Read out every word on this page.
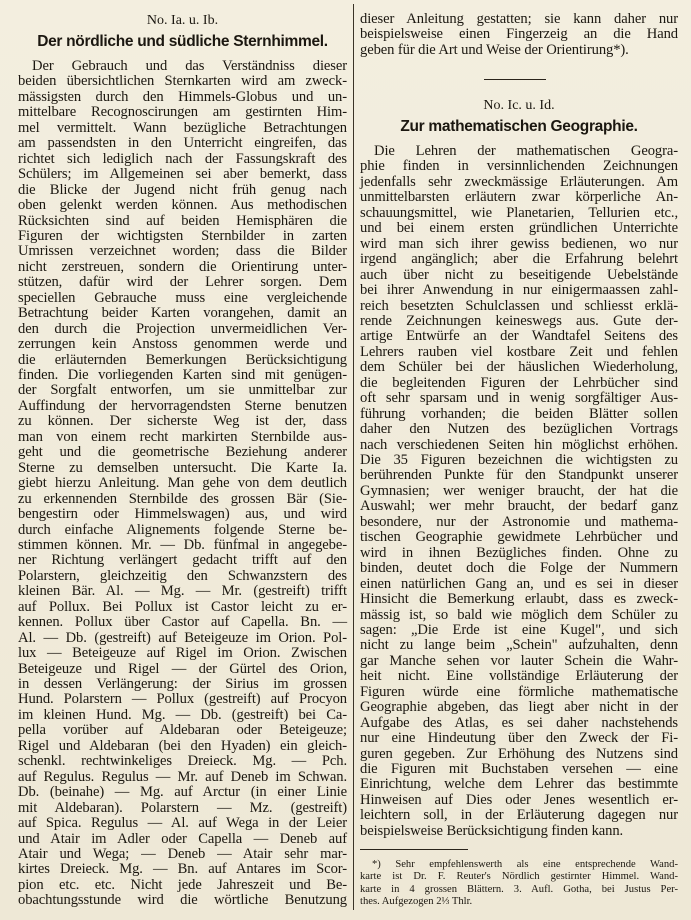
No. Ia. u. Ib.
Der nördliche und südliche Sternhimmel.
Der Gebrauch und das Verständniss dieser
beiden übersichtlichen Sternkarten wird am zweck-
mässigsten durch den Himmels-Globus und un-
mittelbare Recognoscirungen am gestirnten Him-
mel vermittelt. Wann bezügliche Betrachtungen
am passendsten in den Unterricht eingreifen, das
richtet sich lediglich nach der Fassungskraft des
Schülers; im Allgemeinen sei aber bemerkt, dass
die Blicke der Jugend nicht früh genug nach
oben gelenkt werden können. Aus methodischen
Rücksichten sind auf beiden Hemisphären die
Figuren der wichtigsten Sternbilder in zarten
Umrissen verzeichnet worden; dass die Bilder
nicht zerstreuen, sondern die Orientirung unter-
stützen, dafür wird der Lehrer sorgen. Dem
speciellen Gebrauche muss eine vergleichende
Betrachtung beider Karten vorangehen, damit an
den durch die Projection unvermeidlichen Ver-
zerrungen kein Anstoss genommen werde und
die erläuternden Bemerkungen Berücksichtigung
finden. Die vorliegenden Karten sind mit genügen-
der Sorgfalt entworfen, um sie unmittelbar zur
Auffindung der hervorragendsten Sterne benutzen
zu können. Der sicherste Weg ist der, dass
man von einem recht markirten Sternbilde aus-
geht und die geometrische Beziehung anderer
Sterne zu demselben untersucht. Die Karte Ia.
giebt hierzu Anleitung. Man gehe von dem deutlich
zu erkennenden Sternbilde des grossen Bär (Sie-
bengestirn oder Himmelswagen) aus, und wird
durch einfache Alignements folgende Sterne be-
stimmen können. Mr. — Db. fünfmal in angegebe-
ner Richtung verlängert gedacht trifft auf den
Polarstern, gleichzeitig den Schwanzstern des
kleinen Bär. Al. — Mg. — Mr. (gestreift) trifft
auf Pollux. Bei Pollux ist Castor leicht zu er-
kennen. Pollux über Castor auf Capella. Bn. —
Al. — Db. (gestreift) auf Beteigeuze im Orion. Pol-
lux — Beteigeuze auf Rigel im Orion. Zwischen
Beteigeuze und Rigel — der Gürtel des Orion,
in dessen Verlängerung: der Sirius im grossen
Hund. Polarstern — Pollux (gestreift) auf Procyon
im kleinen Hund. Mg. — Db. (gestreift) bei Ca-
pella vorüber auf Aldebaran oder Beteigeuze;
Rigel und Aldebaran (bei den Hyaden) ein gleich-
schenkl. rechtwinkeliges Dreieck. Mg. — Pch.
auf Regulus. Regulus — Mr. auf Deneb im Schwan.
Db. (beinahe) — Mg. auf Arctur (in einer Linie
mit Aldebaran). Polarstern — Mz. (gestreift)
auf Spica. Regulus — Al. auf Wega in der Leier
und Atair im Adler oder Capella — Deneb auf
Atair und Wega; — Deneb — Atair sehr mar-
kirtes Dreieck. Mg. — Bn. auf Antares im Scor-
pion etc. etc. Nicht jede Jahreszeit und Be-
obachtungsstunde wird die wörtliche Benutzung
dieser Anleitung gestatten; sie kann daher nur
beispielsweise einen Fingerzeig an die Hand
geben für die Art und Weise der Orientirung*).
No. Ic. u. Id.
Zur mathematischen Geographie.
Die Lehren der mathematischen Geogra-
phie finden in versinnlichenden Zeichnungen
jedenfalls sehr zweckmässige Erläuterungen. Am
unmittelbarsten erläutern zwar körperliche An-
schauungsmittel, wie Planetarien, Tellurien etc.,
und bei einem ersten gründlichen Unterrichte
wird man sich ihrer gewiss bedienen, wo nur
irgend angänglich; aber die Erfahrung belehrt
auch über nicht zu beseitigende Uebelstände
bei ihrer Anwendung in nur einigermaassen zahl-
reich besetzten Schulclassen und schliesst erklä-
rende Zeichnungen keineswegs aus. Gute der-
artige Entwürfe an der Wandtafel Seitens des
Lehrers rauben viel kostbare Zeit und fehlen
dem Schüler bei der häuslichen Wiederholung,
die begleitenden Figuren der Lehrbücher sind
oft sehr sparsam und in wenig sorgfältiger Aus-
führung vorhanden; die beiden Blätter sollen
daher den Nutzen des bezüglichen Vortrags
nach verschiedenen Seiten hin möglichst erhöhen.
Die 35 Figuren bezeichnen die wichtigsten zu
berührenden Punkte für den Standpunkt unserer
Gymnasien; wer weniger braucht, der hat die
Auswahl; wer mehr braucht, der bedarf ganz
besondere, nur der Astronomie und mathema-
tischen Geographie gewidmete Lehrbücher und
wird in ihnen Bezügliches finden. Ohne zu
binden, deutet doch die Folge der Nummern
einen natürlichen Gang an, und es sei in dieser
Hinsicht die Bemerkung erlaubt, dass es zweck-
mässig ist, so bald wie möglich dem Schüler zu
sagen: „Die Erde ist eine Kugel", und sich
nicht zu lange beim „Schein" aufzuhalten, denn
gar Manche sehen vor lauter Schein die Wahr-
heit nicht. Eine vollständige Erläuterung der
Figuren würde eine förmliche mathematische
Geographie abgeben, das liegt aber nicht in der
Aufgabe des Atlas, es sei daher nachstehends
nur eine Hindeutung über den Zweck der Fi-
guren gegeben. Zur Erhöhung des Nutzens sind
die Figuren mit Buchstaben versehen — eine
Einrichtung, welche dem Lehrer das bestimmte
Hinweisen auf Dies oder Jenes wesentlich er-
leichtern soll, in der Erläuterung dagegen nur
beispielsweise Berücksichtigung finden kann.
*) Sehr empfehlenswerth als eine entsprechende Wand-
karte ist Dr. F. Reuter's Nördlich gestirnter Himmel. Wand-
karte in 4 grossen Blättern. 3. Aufl. Gotha, bei Justus Per-
thes. Aufgezogen 2⅓ Thlr.
